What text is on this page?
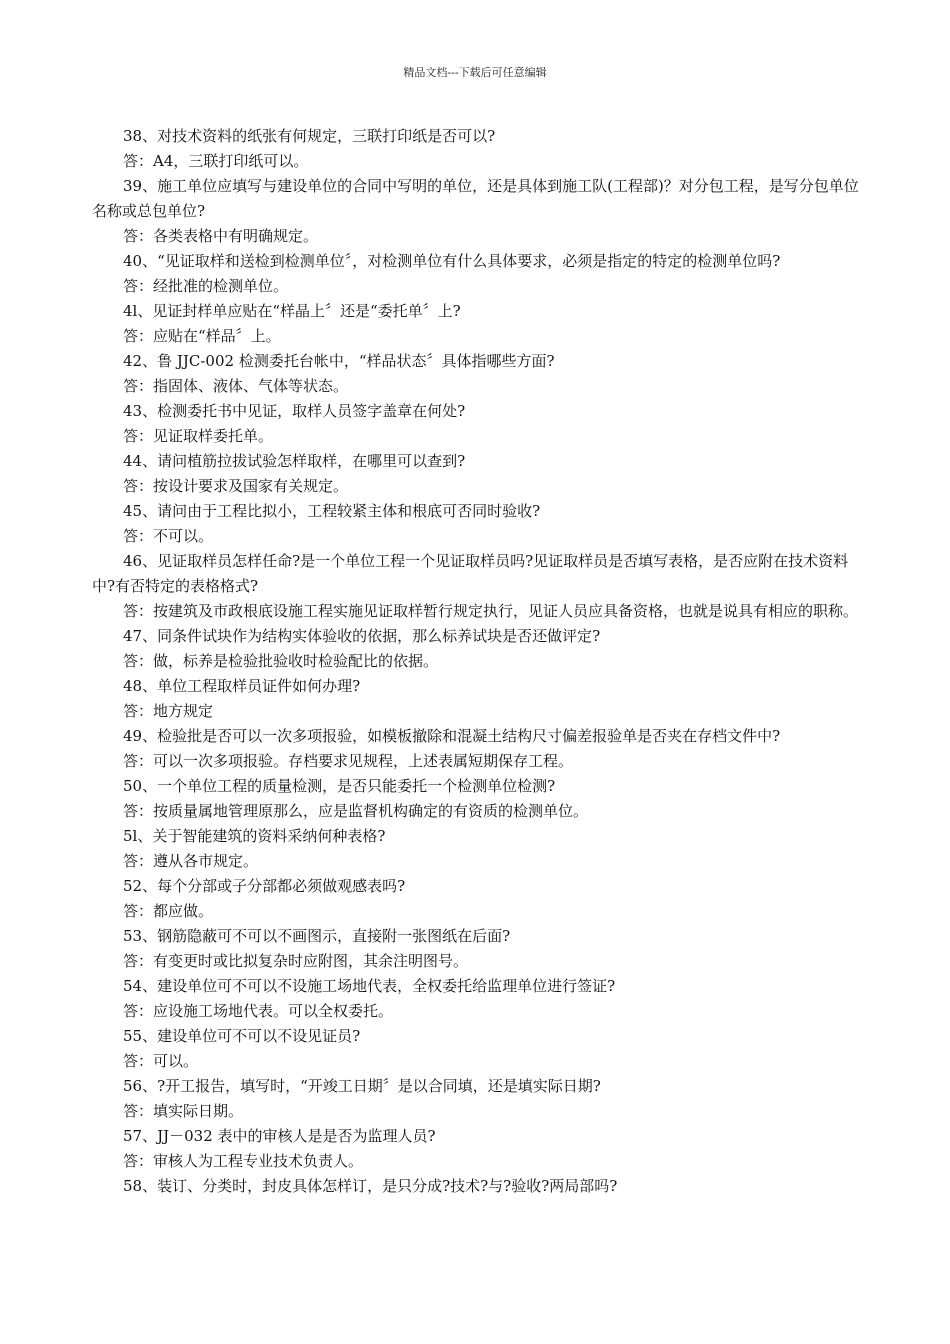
精品文档---下载后可任意编辑

38、对技术资料的纸张有何规定，三联打印纸是否可以?

答：A4，三联打印纸可以。

39、施工单位应填写与建设单位的合同中写明的单位，还是具体到施工队(工程部)？对分包工程，是写分包单位名称或总包单位?

答：各类表格中有明确规定。

40、“见证取样和送检到检测单位〞，对检测单位有什么具体要求，必须是指定的特定的检测单位吗?

答：经批准的检测单位。

4l、见证封样单应贴在“样晶上〞还是“委托单〞上?

答：应贴在“样品〞上。

42、鲁 JJC-002 检测委托台帐中，“样品状态〞具体指哪些方面?

答：指固体、液体、气体等状态。

43、检测委托书中见证，取样人员签字盖章在何处?

答：见证取样委托单。

44、请问植筋拉拔试验怎样取样，在哪里可以查到?

答：按设计要求及国家有关规定。

45、请问由于工程比拟小，工程较紧主体和根底可否同时验收?

答：不可以。

46、见证取样员怎样任命?是一个单位工程一个见证取样员吗?见证取样员是否填写表格，是否应附在技术资料中?有否特定的表格格式?

答：按建筑及市政根底设施工程实施见证取样暂行规定执行，见证人员应具备资格，也就是说具有相应的职称。

47、同条件试块作为结构实体验收的依据，那么标养试块是否还做评定?

答：做，标养是检验批验收时检验配比的依据。

48、单位工程取样员证件如何办理?

答：地方规定

49、检验批是否可以一次多项报验，如模板撤除和混凝土结构尺寸偏差报验单是否夹在存档文件中?

答：可以一次多项报验。存档要求见规程，上述表属短期保存工程。

50、一个单位工程的质量检测，是否只能委托一个检测单位检测?

答：按质量属地管理原那么，应是监督机构确定的有资质的检测单位。

5l、关于智能建筑的资料采纳何种表格?

答：遵从各市规定。

52、每个分部或子分部都必须做观感表吗?

答：都应做。

53、钢筋隐蔽可不可以不画图示，直接附一张图纸在后面?

答：有变更时或比拟复杂时应附图，其余注明图号。

54、建设单位可不可以不设施工场地代表，全权委托给监理单位进行签证?

答：应设施工场地代表。可以全权委托。

55、建设单位可不可以不设见证员?

答：可以。

56、?开工报告，填写时，“开竣工日期〞是以合同填，还是填实际日期?

答：填实际日期。

57、JJ－032 表中的审核人是是否为监理人员?

答：审核人为工程专业技术负责人。

58、装订、分类时，封皮具体怎样订，是只分成?技术?与?验收?两局部吗?
